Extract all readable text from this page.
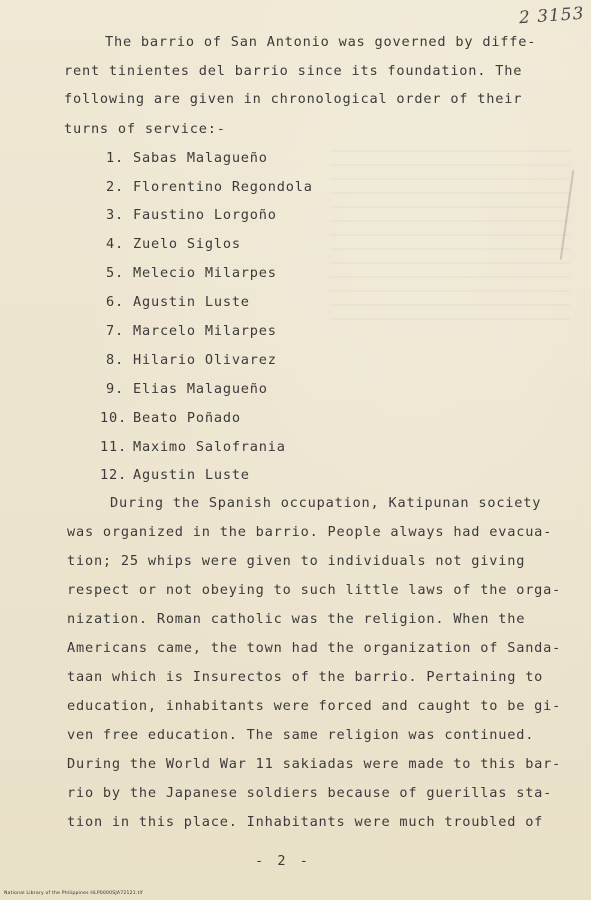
2 3153
The barrio of San Antonio was governed by diffe-
rent tinientes del barrio since its foundation. The
following are given in chronological order of their
turns of service:-
1. Sabas Malagueño
2. Florentino Regondola
3. Faustino Lorgoño
4. Zuelo Siglos
5. Melecio Milarpes
6. Agustin Luste
7. Marcelo Milarpes
8. Hilario Olivarez
9. Elias Malagueño
10. Beato Poñado
11. Maximo Salofrania
12. Agustin Luste
During the Spanish occupation, Katipunan society
was organized in the barrio. People always had evacua-
tion; 25 whips were given to individuals not giving
respect or not obeying to such little laws of the orga-
nization. Roman catholic was the religion. When the
Americans came, the town had the organization of Sanda-
taan which is Insurectos of the barrio. Pertaining to
education, inhabitants were forced and caught to be gi-
ven free education. The same religion was continued.
During the World War 11 sakiadas were made to this bar-
rio by the Japanese soldiers because of guerillas sta-
tion in this place. Inhabitants were much troubled of
- 2 -
National Library of the Philippines HLP0000SJA72121.tif
